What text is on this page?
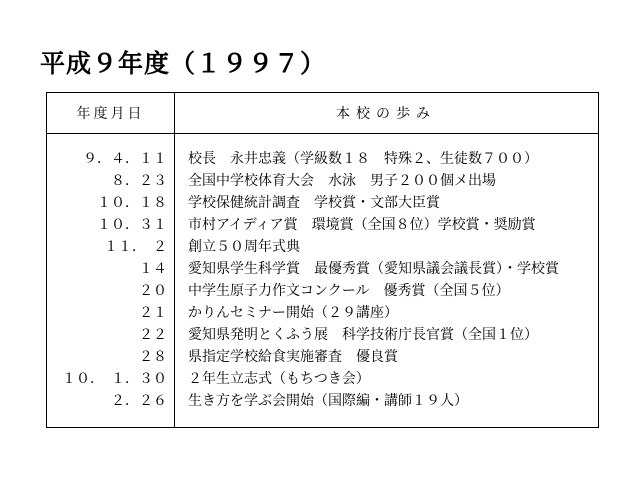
平成９年度（１９９７）
年度月日	本校の歩み
９．４．１１ 校長　永井忠義（学級数１８　特殊２、生徒数７００）
８．２３ 全国中学校体育大会　水泳　男子２００個メ出場
１０．１８ 学校保健統計調査　学校賞・文部大臣賞
１０．３１ 市村アイディア賞　環境賞（全国８位）学校賞・奨励賞
１１．　２ 創立５０周年式典
１４ 愛知県学生科学賞　最優秀賞（愛知県議会議長賞）・学校賞
２０ 中学生原子力作文コンクール　優秀賞（全国５位）
２１ かりんセミナー開始（２９講座）
２２ 愛知県発明とくふう展　科学技術庁長官賞（全国１位）
２８ 県指定学校給食実施審査　優良賞
１０．　１．３０ ２年生立志式（もちつき会）
２．２６ 生き方を学ぶ会開始（国際編・講師１９人）
